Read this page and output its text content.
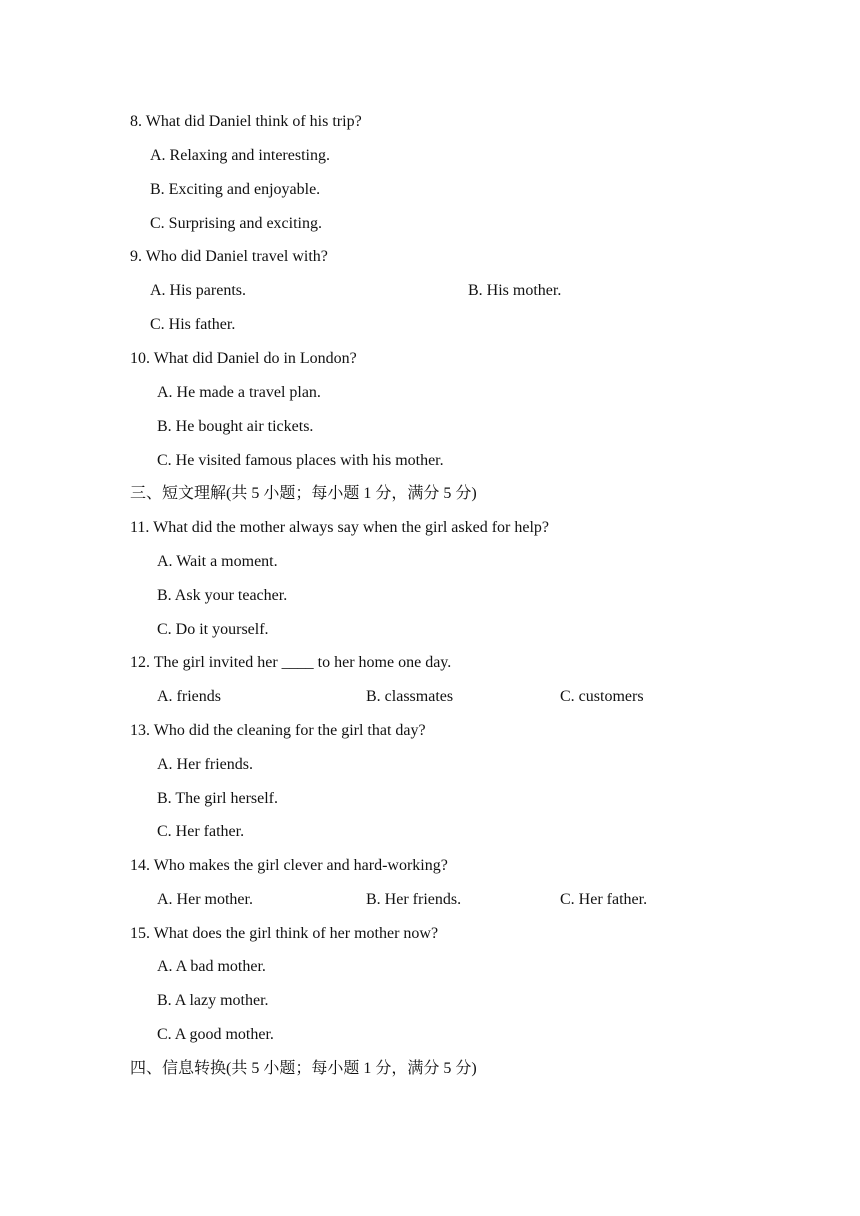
8. What did Daniel think of his trip?
A. Relaxing and interesting.
B. Exciting and enjoyable.
C. Surprising and exciting.
9. Who did Daniel travel with?
A. His parents.	B. His mother.
C. His father.
10. What did Daniel do in London?
A. He made a travel plan.
B. He bought air tickets.
C. He visited famous places with his mother.
三、短文理解(共 5 小题；每小题 1 分，满分 5 分)
11. What did the mother always say when the girl asked for help?
A. Wait a moment.
B. Ask your teacher.
C. Do it yourself.
12. The girl invited her ____ to her home one day.
A. friends	B. classmates	C. customers
13. Who did the cleaning for the girl that day?
A. Her friends.
B. The girl herself.
C. Her father.
14. Who makes the girl clever and hard-working?
A. Her mother.	B. Her friends.	C. Her father.
15. What does the girl think of her mother now?
A. A bad mother.
B. A lazy mother.
C. A good mother.
四、信息转换(共 5 小题；每小题 1 分，满分 5 分)
